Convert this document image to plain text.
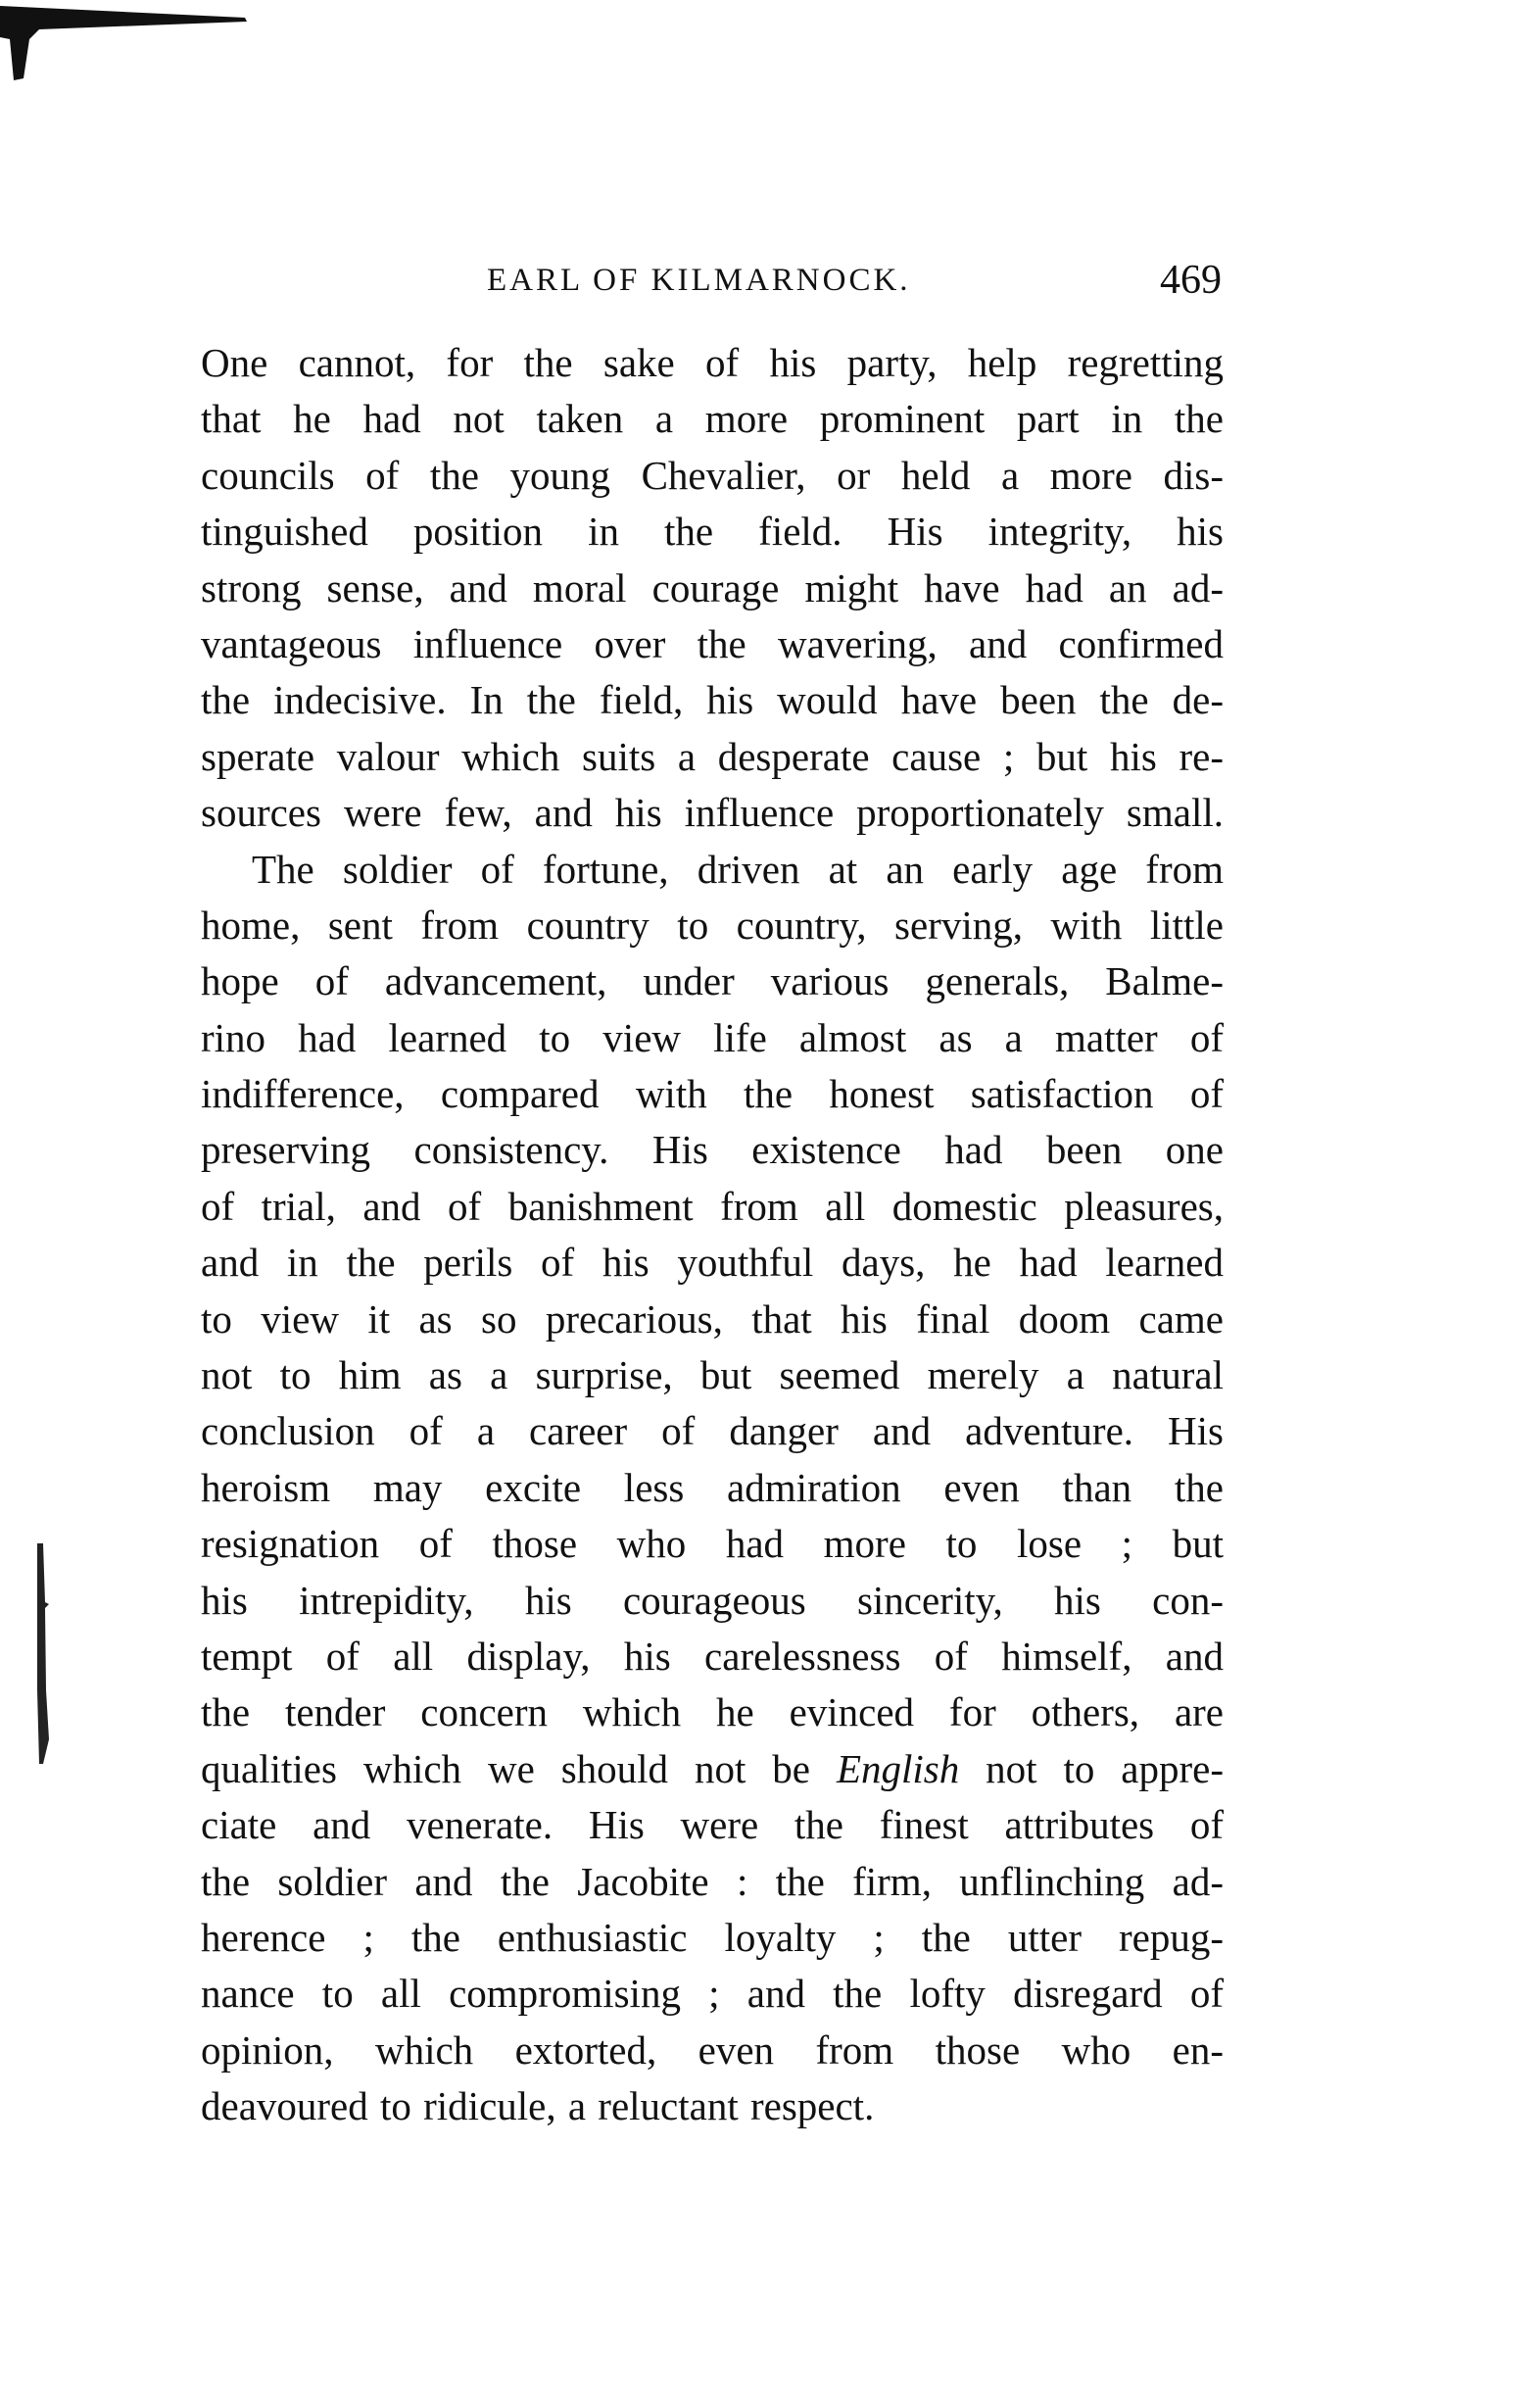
EARL OF KILMARNOCK.	469
One cannot, for the sake of his party, help regretting
that he had not taken a more prominent part in the
councils of the young Chevalier, or held a more dis-
tinguished position in the field. His integrity, his
strong sense, and moral courage might have had an ad-
vantageous influence over the wavering, and confirmed
the indecisive. In the field, his would have been the de-
sperate valour which suits a desperate cause ; but his re-
sources were few, and his influence proportionately small.
The soldier of fortune, driven at an early age from
home, sent from country to country, serving, with little
hope of advancement, under various generals, Balme-
rino had learned to view life almost as a matter of
indifference, compared with the honest satisfaction of
preserving consistency. His existence had been one
of trial, and of banishment from all domestic pleasures,
and in the perils of his youthful days, he had learned
to view it as so precarious, that his final doom came
not to him as a surprise, but seemed merely a natural
conclusion of a career of danger and adventure. His
heroism may excite less admiration even than the
resignation of those who had more to lose ; but
his intrepidity, his courageous sincerity, his con-
tempt of all display, his carelessness of himself, and
the tender concern which he evinced for others, are
qualities which we should not be English not to appre-
ciate and venerate. His were the finest attributes of
the soldier and the Jacobite : the firm, unflinching ad-
herence ; the enthusiastic loyalty ; the utter repug-
nance to all compromising ; and the lofty disregard of
opinion, which extorted, even from those who en-
deavoured to ridicule, a reluctant respect.
